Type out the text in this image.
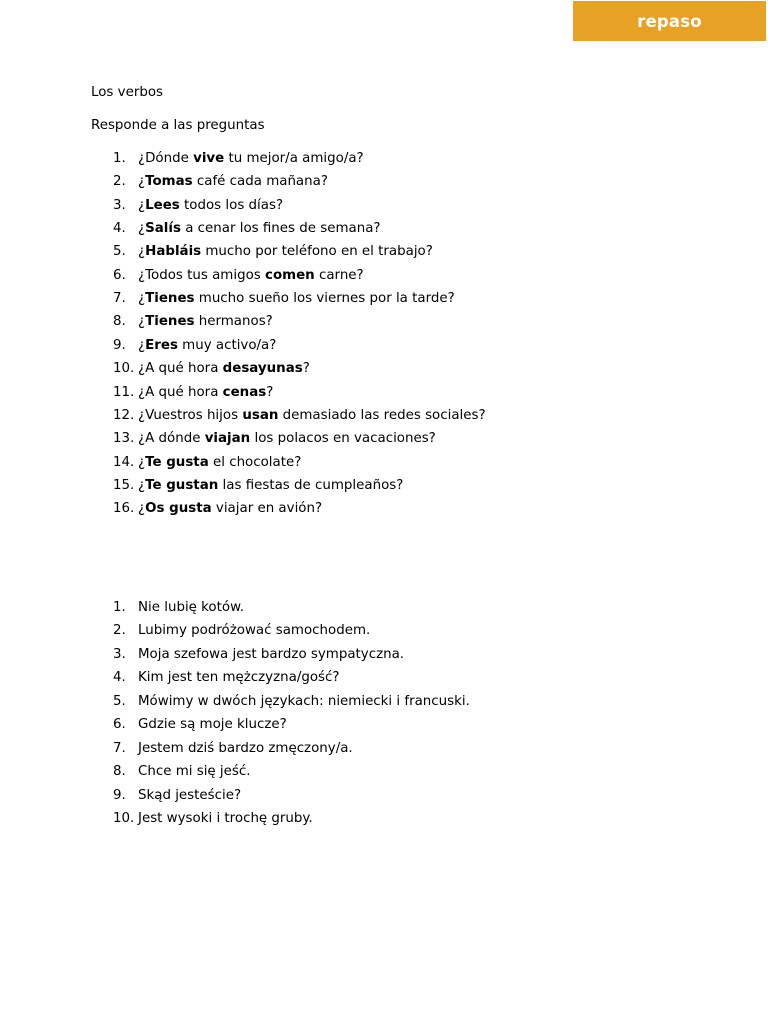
repaso
Los verbos
Responde a las preguntas
1. ¿Dónde vive tu mejor/a amigo/a?
2. ¿Tomas café cada mañana?
3. ¿Lees todos los días?
4. ¿Salís a cenar los fines de semana?
5. ¿Habláis mucho por teléfono en el trabajo?
6. ¿Todos tus amigos comen carne?
7. ¿Tienes mucho sueño los viernes por la tarde?
8. ¿Tienes hermanos?
9. ¿Eres muy activo/a?
10. ¿A qué hora desayunas?
11. ¿A qué hora cenas?
12. ¿Vuestros hijos usan demasiado las redes sociales?
13. ¿A dónde viajan los polacos en vacaciones?
14. ¿Te gusta el chocolate?
15. ¿Te gustan las fiestas de cumpleaños?
16. ¿Os gusta viajar en avión?
1. Nie lubię kotów.
2. Lubimy podróżować samochodem.
3. Moja szefowa jest bardzo sympatyczna.
4. Kim jest ten mężczyzna/gość?
5. Mówimy w dwóch językach: niemiecki i francuski.
6. Gdzie są moje klucze?
7. Jestem dziś bardzo zmęczony/a.
8. Chce mi się jeść.
9. Skąd jesteście?
10. Jest wysoki i trochę gruby.
